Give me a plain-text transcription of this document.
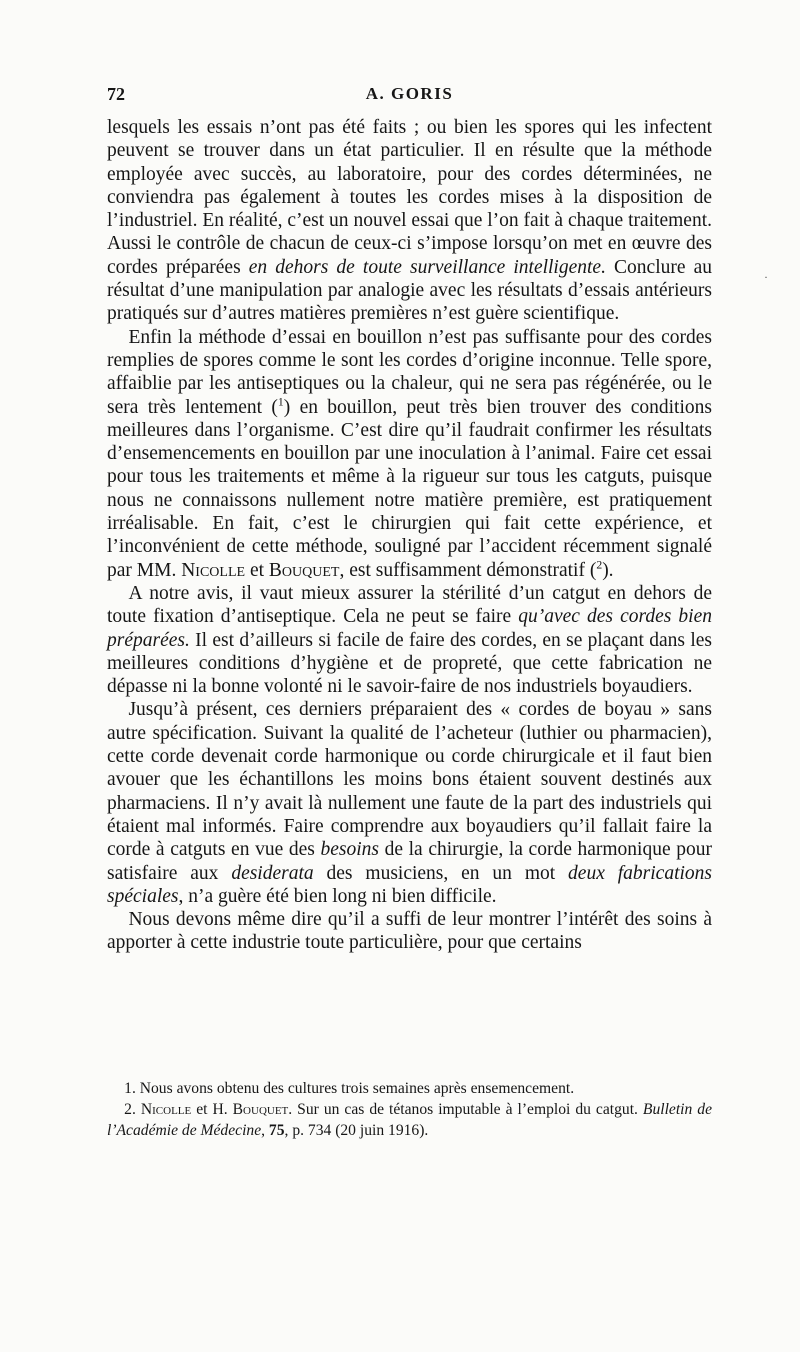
72	A. GORIS

lesquels les essais n’ont pas été faits ; ou bien les spores qui les infectent peuvent se trouver dans un état particulier. Il en résulte que la méthode employée avec succès, au laboratoire, pour des cordes déterminées, ne conviendra pas également à toutes les cordes mises à la disposition de l’industriel. En réalité, c’est un nouvel essai que l’on fait à chaque traitement. Aussi le contrôle de chacun de ceux-ci s’impose lorsqu’on met en œuvre des cordes préparées en dehors de toute surveillance intelligente. Conclure au résultat d’une manipulation par analogie avec les résultats d’essais antérieurs pratiqués sur d’autres matières premières n’est guère scientifique.

Enfin la méthode d’essai en bouillon n’est pas suffisante pour des cordes remplies de spores comme le sont les cordes d’origine inconnue. Telle spore, affaiblie par les antiseptiques ou la chaleur, qui ne sera pas régénérée, ou le sera très lentement ($^1$) en bouillon, peut très bien trouver des conditions meilleures dans l’organisme. C’est dire qu’il faudrait confirmer les résultats d’ensemencements en bouillon par une inoculation à l’animal. Faire cet essai pour tous les traitements et même à la rigueur sur tous les catguts, puisque nous ne connaissons nullement notre matière première, est pratiquement irréalisable. En fait, c’est le chirurgien qui fait cette expérience, et l’inconvénient de cette méthode, souligné par l’accident récemment signalé par MM. Nicolle et Bouquet, est suffisamment démonstratif ($^2$).

A notre avis, il vaut mieux assurer la stérilité d’un catgut en dehors de toute fixation d’antiseptique. Cela ne peut se faire qu’avec des cordes bien préparées. Il est d’ailleurs si facile de faire des cordes, en se plaçant dans les meilleures conditions d’hygiène et de propreté, que cette fabrication ne dépasse ni la bonne volonté ni le savoir-faire de nos industriels boyaudiers.

Jusqu’à présent, ces derniers préparaient des « cordes de boyau » sans autre spécification. Suivant la qualité de l’acheteur (luthier ou pharmacien), cette corde devenait corde harmonique ou corde chirurgicale et il faut bien avouer que les échantillons les moins bons étaient souvent destinés aux pharmaciens. Il n’y avait là nullement une faute de la part des industriels qui étaient mal informés. Faire comprendre aux boyaudiers qu’il fallait faire la corde à catguts en vue des besoins de la chirurgie, la corde harmonique pour satisfaire aux desiderata des musiciens, en un mot deux fabrications spéciales, n’a guère été bien long ni bien difficile.

Nous devons même dire qu’il a suffi de leur montrer l’intérêt des soins à apporter à cette industrie toute particulière, pour que certains

1. Nous avons obtenu des cultures trois semaines après ensemencement.

2. Nicolle et H. Bouquet. Sur un cas de tétanos imputable à l’emploi du catgut. Bulletin de l’Académie de Médecine, 75, p. 734 (20 juin 1916).

·
